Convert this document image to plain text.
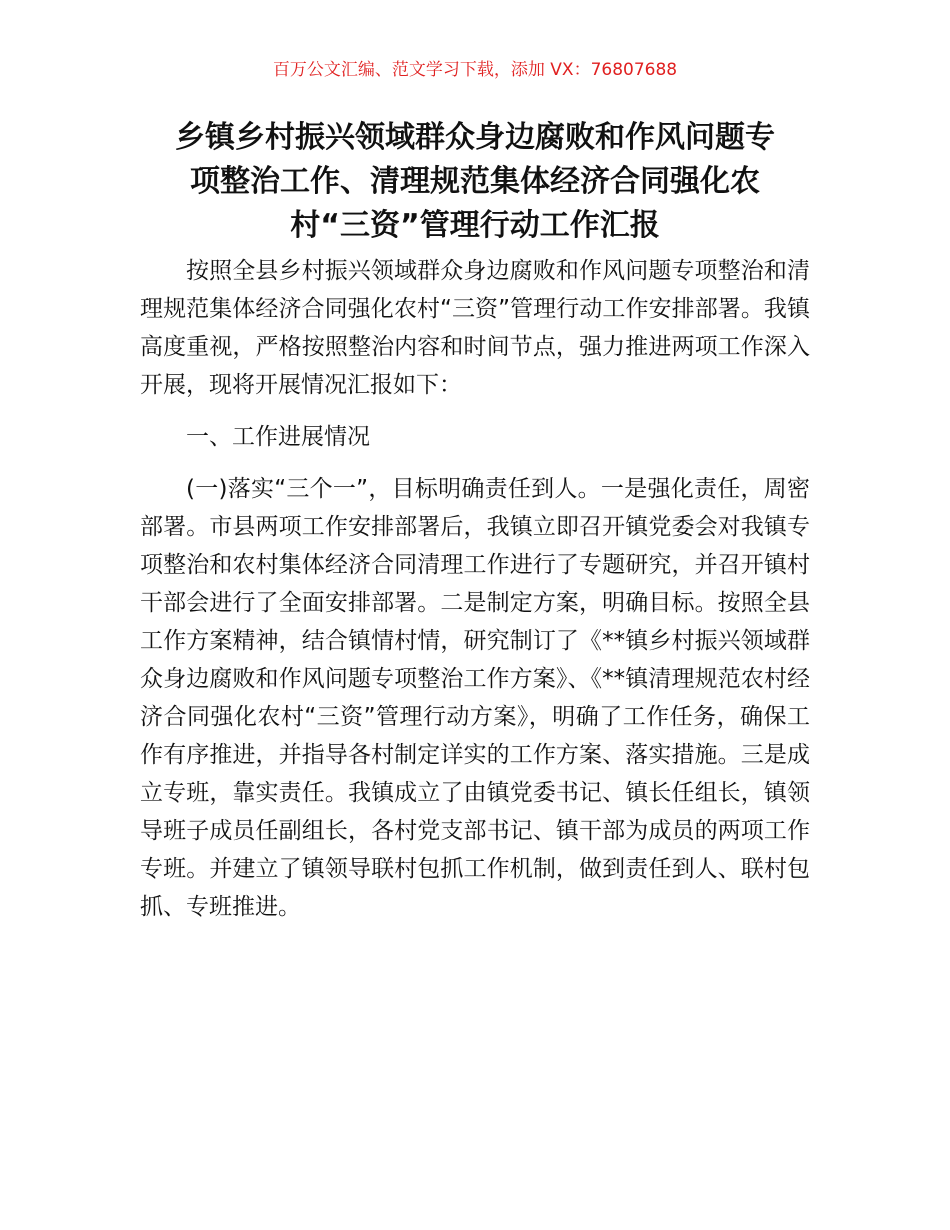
百万公文汇编、范文学习下载，添加 VX：76807688
乡镇乡村振兴领域群众身边腐败和作风问题专
项整治工作、清理规范集体经济合同强化农
村“三资”管理行动工作汇报

按照全县乡村振兴领域群众身边腐败和作风问题专项整治和清理规范集体经济合同强化农村“三资”管理行动工作安排部署。我镇高度重视，严格按照整治内容和时间节点，强力推进两项工作深入开展，现将开展情况汇报如下：

一、工作进展情况

(一)落实“三个一”，目标明确责任到人。一是强化责任，周密部署。市县两项工作安排部署后，我镇立即召开镇党委会对我镇专项整治和农村集体经济合同清理工作进行了专题研究，并召开镇村干部会进行了全面安排部署。二是制定方案，明确目标。按照全县工作方案精神，结合镇情村情，研究制订了《**镇乡村振兴领域群众身边腐败和作风问题专项整治工作方案》、《**镇清理规范农村经济合同强化农村“三资”管理行动方案》，明确了工作任务，确保工作有序推进，并指导各村制定详实的工作方案、落实措施。三是成立专班，靠实责任。我镇成立了由镇党委书记、镇长任组长，镇领导班子成员任副组长，各村党支部书记、镇干部为成员的两项工作专班。并建立了镇领导联村包抓工作机制，做到责任到人、联村包抓、专班推进。
